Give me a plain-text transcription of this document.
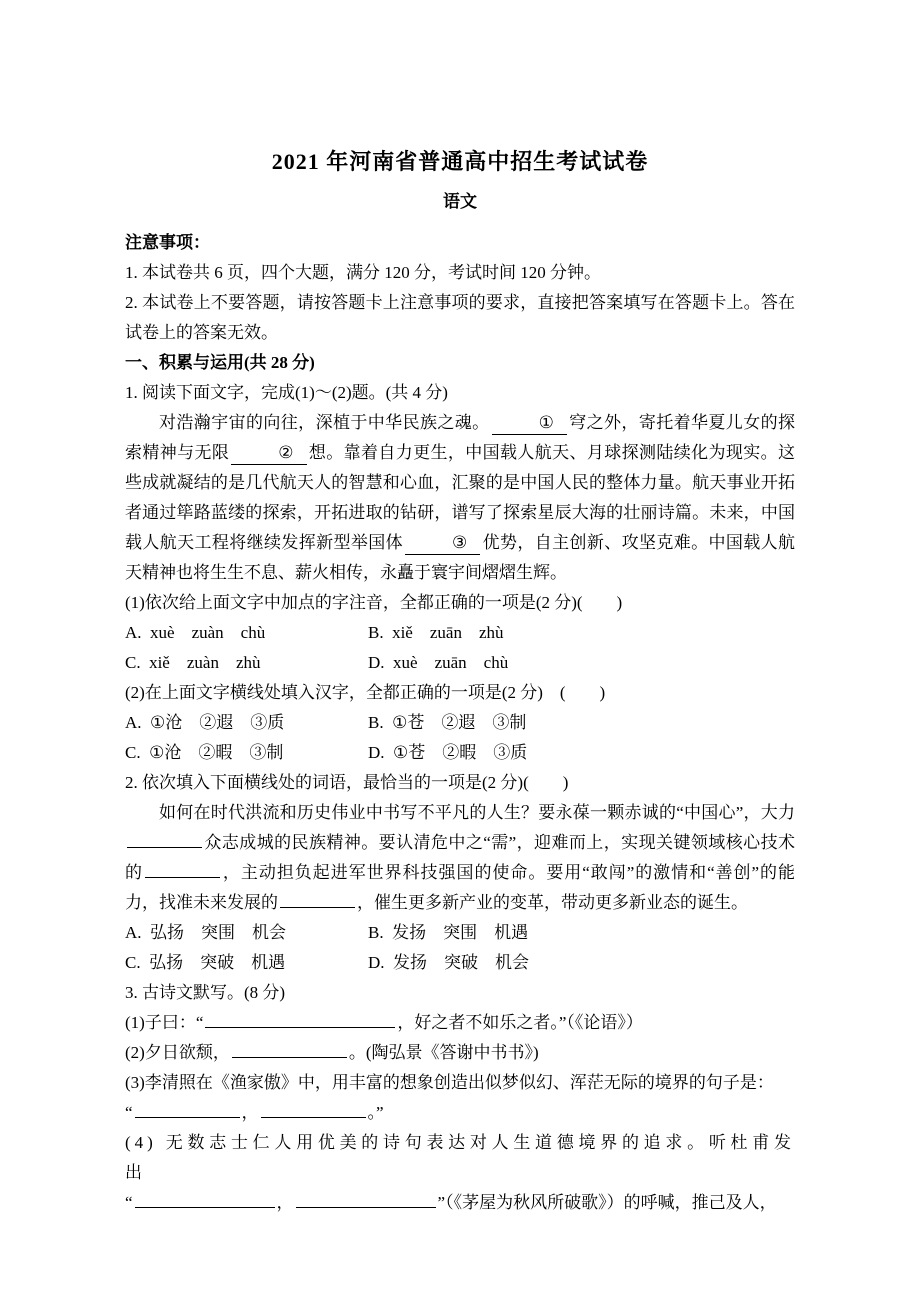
2021 年河南省普通高中招生考试试卷

语文

注意事项：

1. 本试卷共 6 页，四个大题，满分 120 分，考试时间 120 分钟。

2. 本试卷上不要答题，请按答题卡上注意事项的要求，直接把答案填写在答题卡上。答在试卷上的答案无效。

一、积累与运用(共 28 分)

1. 阅读下面文字，完成(1)～(2)题。(共 4 分)

对浩瀚宇宙的向往，深植于中华民族之魂。	① 穹之外，寄托着华夏儿女的探索精神与无限	② 想。靠着自力更生，中国载人航天、月球探测陆续化为现实。这些成就凝结的是几代航天人的智慧和心血，汇聚的是中国人民的整体力量。航天事业开拓者通过筚路蓝缕的探索，开拓进取的钻研，谱写了探索星辰大海的壮丽诗篇。未来，中国载人航天工程将继续发挥新型举国体	③ 优势，自主创新、攻坚克难。中国载人航天精神也将生生不息、薪火相传，永矗于寰宇间熠熠生辉。

(1)依次给上面文字中加点的字注音，全都正确的一项是(2 分)(　　)

A.  xuè　zuàn　chù	B.  xiě　zuān　zhù
C.  xiě　zuàn　zhù	D.  xuè　zuān　chù

(2)在上面文字横线处填入汉字，全都正确的一项是(2 分)　(　　)

A.  ①沧　②遐　③质	B.  ①苍　②遐　③制
C.  ①沧　②暇　③制	D.  ①苍　②暇　③质

2. 依次填入下面横线处的词语，最恰当的一项是(2 分)(　　)

如何在时代洪流和历史伟业中书写不平凡的人生？要永葆一颗赤诚的“中国心”，大力众志成城的民族精神。要认清危中之“需”，迎难而上，实现关键领域核心技术的	，主动担负起进军世界科技强国的使命。要用“敢闯”的激情和“善创”的能力，找准未来发展的	，催生更多新产业的变革，带动更多新业态的诞生。

A.  弘扬　突围　机会	B.  发扬　突围　机遇
C.  弘扬　突破　机遇	D.  发扬　突破　机会

3. 古诗文默写。(8 分)

(1)子曰：“	，好之者不如乐之者。”（《论语》）

(2)夕日欲颓，	。(陶弘景《答谢中书书》)

(3)李清照在《渔家傲》中，用丰富的想象创造出似梦似幻、浑茫无际的境界的句子是：

“	，	。”

(4) 无数志士仁人用优美的诗句表达对人生道德境界的追求。听杜甫发出

“	，	”（《茅屋为秋风所破歌》）的呼喊，推己及人，
